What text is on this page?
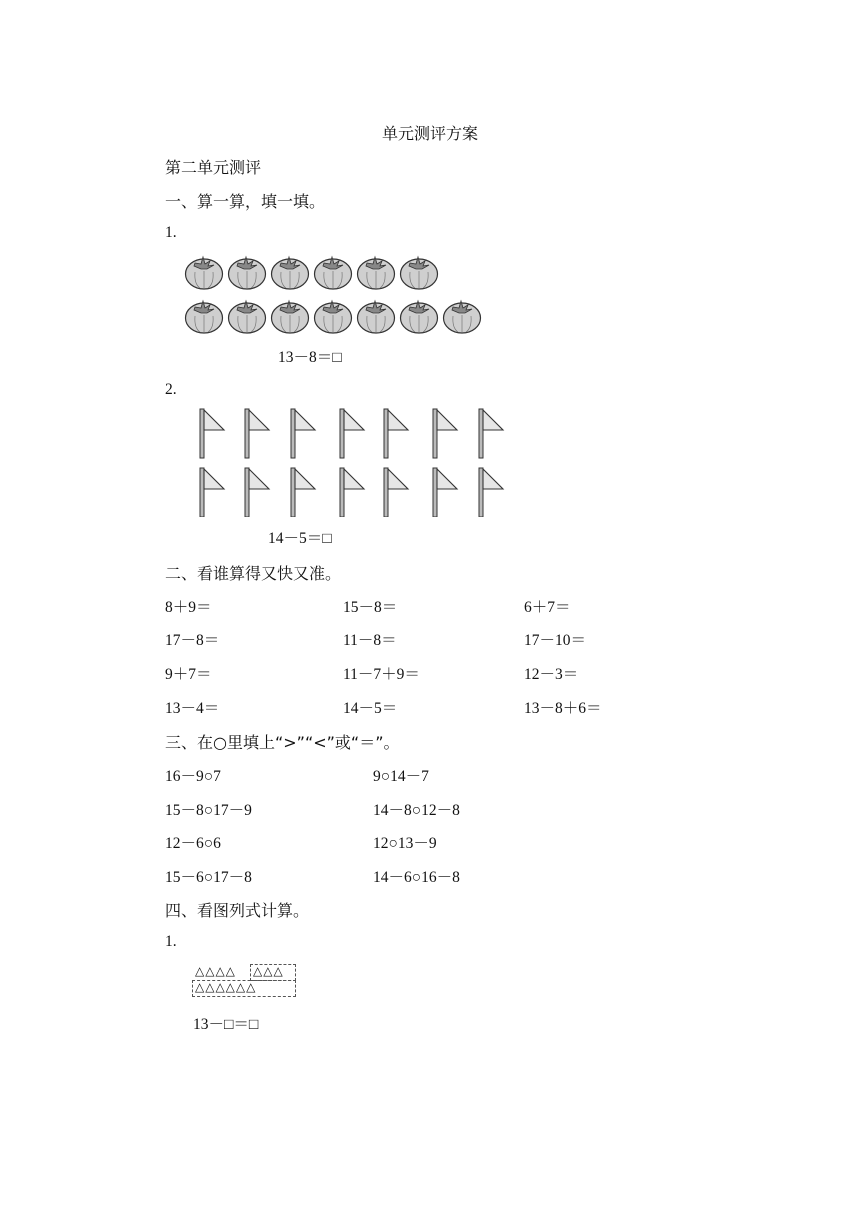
单元测评方案
第二单元测评
一、算一算，填一填。
1.
13－8＝□
2.
14－5＝□
二、看谁算得又快又准。
8＋9＝	15－8＝	6＋7＝
17－8＝	11－8＝	17－10＝
9＋7＝	11－7＋9＝	12－3＝
13－4＝	14－5＝	13－8＋6＝
三、在○里填上“>”“<”或“＝”。
16－9○7	9○14－7
15－8○17－9	14－8○12－8
12－6○6	12○13－9
15－6○17－8	14－6○16－8
四、看图列式计算。
1.
△△△△ △△△
△△△△△△
13－□＝□
